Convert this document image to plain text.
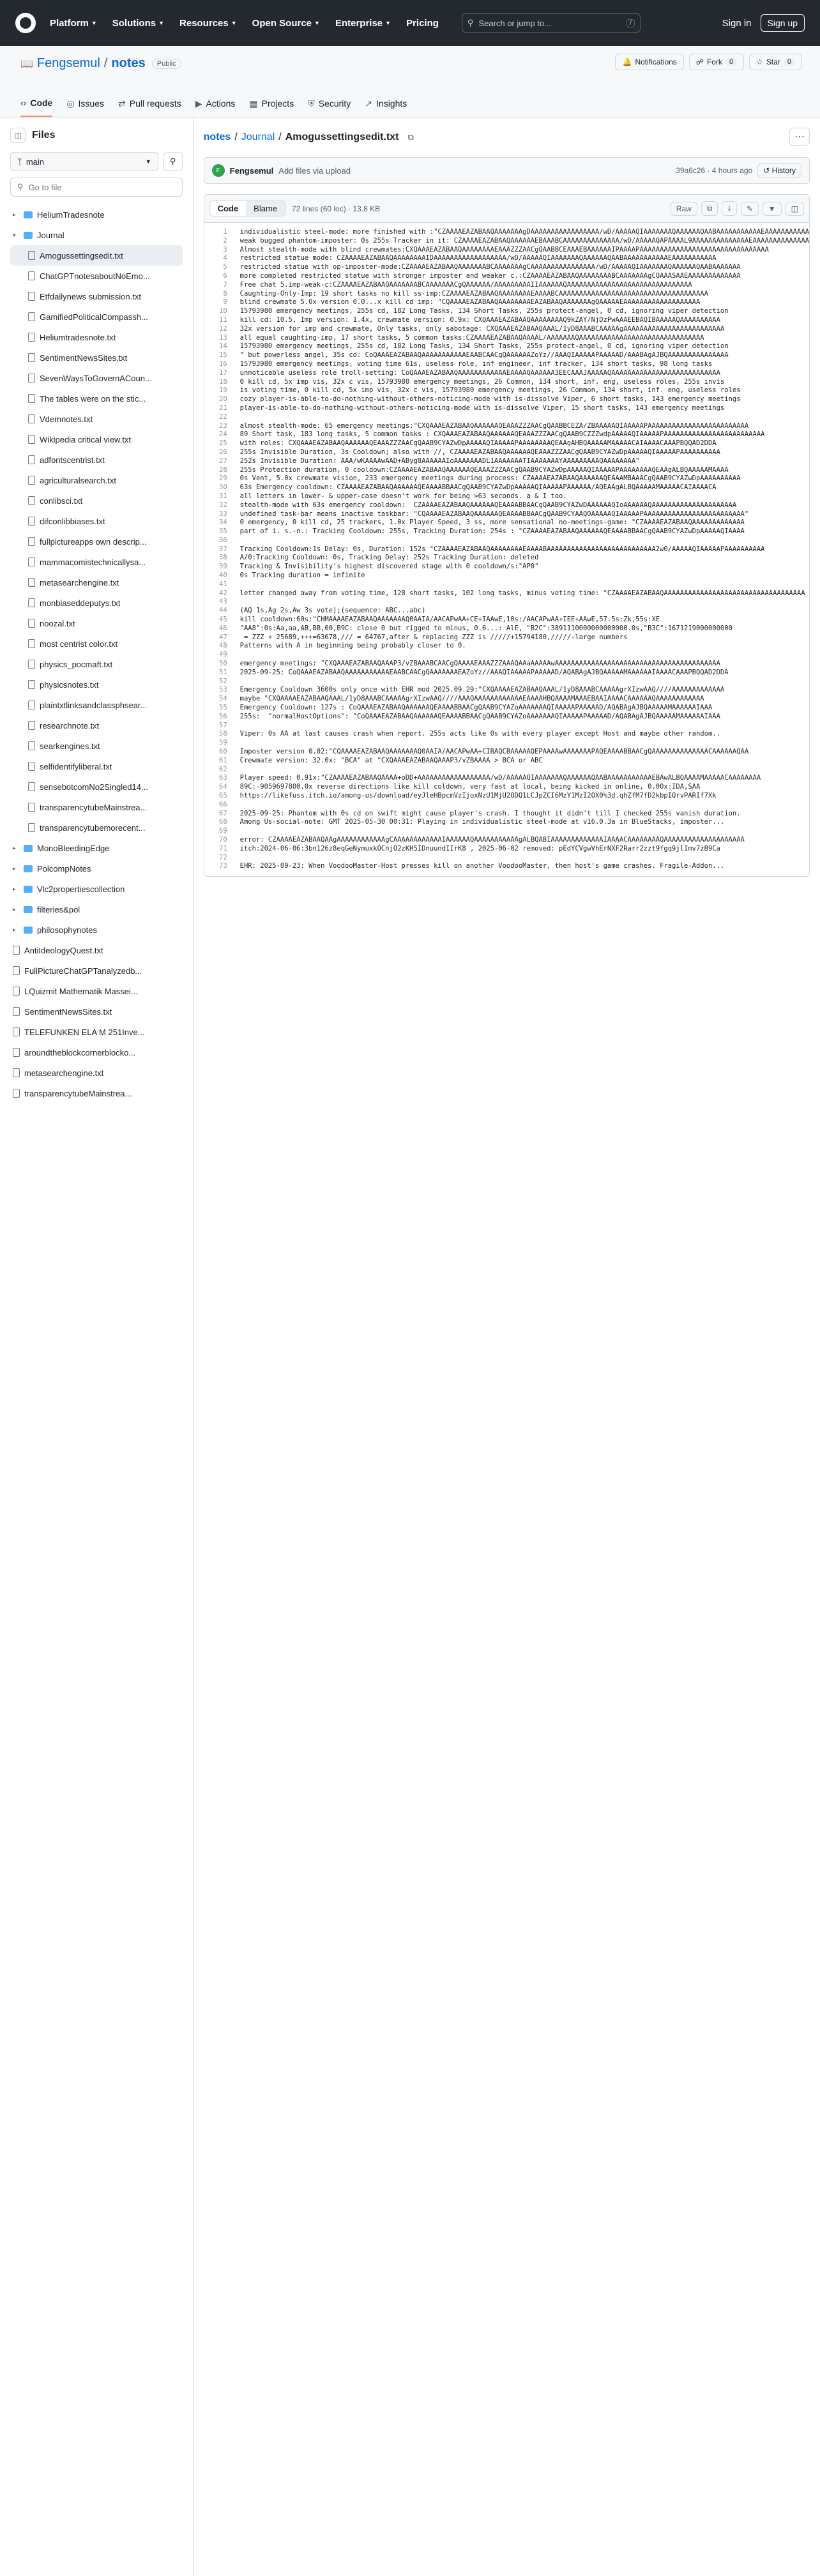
Platform ▼ Solutions ▼ Resources ▼ Open Source ▼ Enterprise ▼ Pricing	⚲ Search or jump to...	/	Sign in	Sign up
📖 Fengsemul / notes	Public	🔔 Notifications	☍ Fork	0	☆ Star	0
‹› Code ◎ Issues ⇄ Pull requests ▶ Actions ▦ Projects ⛨ Security ↗ Insights
◫	Files
ᛉ main	▼ ⚲
⚲ Go to file
▸	HeliumTradesnote
▾	Journal
Amogussettingsedit.txt
ChatGPTnotesaboutNoEmo...
Etfdailynews submission.txt
GamifiedPoliticalCompassh...
Heliumtradesnote.txt
SentimentNewsSites.txt
SevenWaysToGovernACoun...
The tables were on the stic...
Vdemnotes.txt
Wikipedia critical view.txt
adfontscentrist.txt
agriculturalsearch.txt
conlibsci.txt
difconlibbiases.txt
fullpictureapps own descrip...
mammacomistechnicallysa...
metasearchengine.txt
monbiaseddeputys.txt
noozal.txt
most centrist color.txt
physics_pocmaft.txt
physicsnotes.txt
plaintxtlinksandclassphsear...
researchnote.txt
searkengines.txt
selfidentifyliberal.txt
sensebotcomNo2Singled14...
transparencytubeMainstrea...
transparencytubemorecent...
▸	MonoBleedingEdge
▸	PolcompNotes
▸	Vlc2propertiescollection
▸	filteries&pol
▸	philosophynotes
AntiIdeologyQuest.txt
FullPictureChatGPTanalyzedb...
LQuizmit Mathematik Massei...
SentimentNewsSites.txt
TELEFUNKEN ELA M 251Inve...
aroundtheblockcornerblocko...
metasearchengine.txt
transparencytubeMainstrea...
notes / Journal / Amogussettingsedit.txt ⧉	⋯
F	Fengsemul Add files via upload	39a6c26 · 4 hours ago	↺ History
Code	Blame	72 lines (60 loc) · 13.8 KB	Raw	⧉	⤓	✎	▼	◫
1	individualistic steel-mode: more finished with :"CZAAAAEAZABAAQAAAAAAAgDAAAAAAAAAAAAAAAAA/wD/AAAAAQIAAAAAAAQAAAAAAQAABAAAAAAAAAAAEAAAAAAAAAAA
2	weak bugged phantom-imposter: 0s 255s Tracker in it: CZAAAAEAZABAAQAAAAAAEBAAABCAAAAAAAAAAAAAA/wD/AAAAAQAPAAAAL9AAAAAAAAAAAAAAEAAAAAAAAAAAAAA
3	Almost stealth-mode with blind crewmates:CXQAAAEAZABAAQAAAAAAAAEAAAZZZAACgQAABBCEAAAEBAAAAAAIPAAAAPAAAAAAAAAAAAAAAAAAAAAAAAAAAAAAAA
4	restricted statue mode: CZAAAAEAZABAAQAAAAAAAAIDAAAAAAAAAAAAAAAAAA/wD/AAAAAQIAAAAAAAQAAAAAAQAABAAAAAAAAAAAEAAAAAAAAAAA
5	restricted statue with op-imposter-mode:CZAAAAEAZABAAQAAAAAAABCAAAAAAAgCAAAAAAAAAAAAAAAA/wD/AAAAAQIAAAAAAAQAAAAAAQAABAAAAAAA
6	more completed restricted statue with stronger imposter and weaker c.:CZAAAAEAZABAAQAAAAAAAABCAAAAAAAgCQAAASAAEAAAAAAAAAAAAA
7	Free chat 5.imp-weak-c:CZAAAAEAZABAAQAAAAAAABCAAAAAAACgQAAAAAA/AAAAAAAAAIIAAAAAAQAAAAAAAAAAAAAAAAAAAAAAAAAAAAAAA
8	Caughting-Only-Imp: 19 short tasks no kill ss-imp:CZAAAAEAZABAAQAAAAAAAAEAAAABCAAAAAAAAAAAAAAAAAAAAAAAAAAAAAAAAAAAAA
9	blind crewmate 5.0x version 0.0...x kill cd imp: "CQAAAAEAZABAAQAAAAAAAAEAZABAAQAAAAAAAgQAAAAAEAAAAAAAAAAAAAAAAAAA
10	15793980 emergency meetings, 255s cd, 182 Long Tasks, 134 Short Tasks, 255s protect-angel, 0 cd, ignoring viper detection
11	kill cd: 10.5, Imp version: 1.4x, crewmate version: 0.9x: CXQAAAEAZABAAQAAAAAAAAQ9kZAY/NjDzPwAAAEEBAQIBAAAAAQAAAAAAAAAA
12	32x version for imp and crewmate, Only tasks, only sabotage: CXQAAAEAZABAAQAAAL/1yD8AAABCAAAAAgAAAAAAAAAAAAAAAAAAAAAAAAA
13	all equal caughting-imp, 17 short tasks, 5 common tasks:CZAAAAEAZABAAQAAAAL/AAAAAAAQAAAAAAAAAAAAAAAAAAAAAAAAAAAAAAA
14	15793980 emergency meetings, 255s cd, 182 Long Tasks, 134 Short Tasks, 255s protect-angel, 0 cd, ignoring viper detection
15	" but powerless angel, 35s cd: CoQAAAEAZABAAQAAAAAAAAAAAEAABCAACgQAAAAAAZoYz//AAAQIAAAAAPAAAAAD/AAABAgAJBQAAAAAAAAAAAAAAA
16	15793980 emergency meetings, voting time 61s, useless role, inf engineer, inf tracker, 134 short tasks, 98 long tasks
17	unnoticable useless role troll-setting: CoQAAAEAZABAAQAAAAAAAAAAAAEAAAAQAAAAAA3EECAAAJAAAAAQAAAAAAAAAAAAAAAAAAAAAAAAAAA
18	0 kill cd, 5x imp vis, 32x c vis, 15793980 emergency meetings, 26 Common, 134 short, inf. eng, useless roles, 255s invis
19	is voting time, 0 kill cd, 5x imp vis, 32x c vis, 15793980 emergency meetings, 26 Common, 134 short, inf. eng, useless roles
20	cozy player-is-able-to-do-nothing-without-others-noticing-mode with is-dissolve Viper, 6 short tasks, 143 emergency meetings
21	player-is-able-to-do-nothing-without-others-noticing-mode with is-dissolve Viper, 15 short tasks, 143 emergency meetings
22
23	almost stealth-mode: 65 emergency meetings:"CXQAAAEAZABAAQAAAAAAQEAAAZZZAACgQAABBCEZA/ZBAAAAAQIAAAAAPAAAAAAAAAAAAAAAAAAAAAAAAA
24	89 Short task, 183 long tasks, 5 common tasks : CXQAAAEAZABAAQAAAAAAQEAAAZZZAACgQAAB9CZZZwdpAAAAAQIAAAAAPAAAAAAAAAAAAAAAAAAAAAAAAA
25	with roles: CXQAAAEAZABAAQAAAAAAQEAAAZZZAACgQAAB9CYAZwDpAAAAAQIAAAAAPAAAAAAAAQEAAgAHBQAAAAAMAAAAACAIAAAACAAAPBQQAD2DDA
26	255s Invisible Duration, 3s Cooldown; also with //, CZAAAAEAZABAAQAAAAAAQEAAAZZZAACgQAAB9CYAZwDpAAAAAQIAAAAAPAAAAAAAAAA
27	252s Invisible Duration: AAA/wKAAAAwAAD+AByg8AAAAAAIoAAAAAAADL1AAAAAAATIAAAAAAAYAAAAAAAAAQAAAAAAAA"
28	255s Protection duration, 0 cooldown:CZAAAAEAZABAAQAAAAAAQEAAAZZZAACgQAAB9CYAZwDpAAAAAQIAAAAAPAAAAAAAAQEAAgALBQAAAAAMAAAA
29	0s Vent, 5.0x crewmate vision, 233 emergency meetings during process: CZAAAAEAZABAAQAAAAAAQEAAAMBAAACgQAAB9CYAZwDpAAAAAAAAAA
30	63s Emergency cooldown: CZAAAAEAZABAAQAAAAAAQEAAAABBAACgQAAB9CYAZwDpAAAAAQIAAAAAPAAAAAA/AQEAAgALBQAAAAAMAAAAACAIAAAACA
31	all letters in lower- & upper-case doesn't work for being >63 seconds. a & I too.
32	stealth-mode with 63s emergency cooldown:  CZAAAAEAZABAAQAAAAAAQEAAAABBAACgQAAB9CYAZwDAAAAAAQIoAAAAAAQAAAAAAAAAAAAAAAAAAAAA
33	undefined task-bar means inactive taskbar: "CQAAAAEAZABAAQAAAAAAQEAAAABBAACgQAAB9CYAAQ0AAAAAQIAAAAAPAAAAAAAAAAAAAAAAAAAAAAAAA"
34	0 emergency, 0 kill cd, 25 trackers, 1.0x Player Speed, 3 ss, more sensational no-meetings-game: "CZAAAAEAZABAAQAAAAAAAAAAAAA
35	part of i. s.-n.: Tracking Cooldown: 255s, Tracking Duration: 254s : "CZAAAAEAZABAAQAAAAAAQEAAAABBAACgQAAB9CYAZwDpAAAAAQIAAAA
36
37	Tracking Cooldown:1s Delay: 0s, Duration: 152s "CZAAAAEAZABAAQAAAAAAAAEAAAABAAAAAAAAAAAAAAAAAAAAAAAAAAA2w0/AAAAAQIAAAAAPAAAAAAAAAA
38	A/0:Tracking Cooldown: 0s, Tracking Delay: 252s Tracking Duration: deleted
39	Tracking & Invisibility's highest discovered stage with 0 cooldown/s:"AP0"
40	0s Tracking duration = infinite
41
42	letter changed away from voting time, 128 short tasks, 102 long tasks, minus voting time: "CZAAAAEAZABAAQAAAAAAAAAAAAAAAAAAAAAAAAAAAAAAAAAAA
43
44	(AQ 1s,Ag 2s,Aw 3s vote);(sequence: ABC...abc)
45	kill cooldown:60s:"CHMAAAAEAZABAAQAAAAAAAQ0AAIA/AACAPwAA+CE+IAAwE,10s:/AACAPwAA+IEE+AAwE,57.5s:Zk,55s:XE
46	"AA8":0s:Aa,aa,AB,BB,00,B9C: close 0 but rigged to minus, 0.6...: AlE, "B2C":3891110000000000000.0s,"B3C":1671219000000000
47	= ZZZ + 25689,+++=63678,/// = 64767,after & replacing ZZZ is /////+15794180,/////-large numbers
48	Patterns with A in beginning being probably closer to 0.
49
50	emergency meetings: "CXQAAAEAZABAAQAAAP3/vZBAAABCAACgQAAAAEAAAZZZAAAQAAaAAAAAwAAAAAAAAAAAAAAAAAAAAAAAAAAAAAAAAAAAAAAAAA
51	2025-09-25: CoQAAAEAZABAAQAAAAAAAAAAAEAABCAACgQAAAAAAAEAZoYz//AAAQIAAAAAPAAAAAD/AQABAgAJBQAAAAAMAAAAAAIAAAACAAAPBQQAD2DDA
52
53	Emergency Cooldown 3600s only once with EHR mod 2025.09.29:"CXQAAAAEAZABAAQAAAL/1yD8AAABCAAAAAgrXIzwAAQ////AAAAAAAAAAAAA
54	maybe "CXQAAAAEAZABAAQAAAL/1yD8AAABCAAAAAgrXIzwAAQ////AAAQAAAAAAAAAAAAEAAAAHBQAAAAMAAAEBAAIAAAACAAAAAAQAAAAAAAAAAAA
55	Emergency Cooldown: 127s : CoQAAAEAZABAAQAAAAAAQEAAAABBAACgQAAB9CYAZoAAAAAAAQIAAAAAPAAAAAD/AQABAgAJBQAAAAAMAAAAAAIAAA
56	255s:  "normalHostOptions": "CoQAAAEAZABAAQAAAAAAQEAAAABBAACgQAAB9CYAZoAAAAAAAQIAAAAAPAAAAAD/AQABAgAJBQAAAAAMAAAAAAIAAA
57
58	Viper: 0s AA at last causes crash when report. 255s acts like 0s with every player except Host and maybe other random..
59
60	Imposter version 0.02:"CQAAAAEAZABAAQAAAAAAAQ0AAIA/AACAPwAA+CIBAQCBAAAAAQEPAAAAwAAAAAAAPAQEAAAABBAACgQAAAAAAAAAAAAAACAAAAAAQAA
61	Crewmate version: 32.0x: "BCA" at "CXQAAAEAZABAAQAAAP3/vZBAAAA > BCA or ABC
62
63	Player speed: 0.91x:"CZAAAAEAZABAAQAAAA+oDD+AAAAAAAAAAAAAAAAAA/wD/AAAAAQIAAAAAAAQAAAAAAQAABAAAAAAAAAAAEBAwALBQAAAAMAAAAACAAAAAAAA
64	89C:-9059697800.0x reverse directions like kill coldown, very fast at local, being kicked in online, 0.00x:IDA,SAA
65	https://likefuss.itch.io/among-us/download/eyJleHBpcmVzIjoxNzU1MjU2ODQ1LCJpZCI6MzY1MzI2OX0%3d.qhZfM7fD2kbpIQrvPARIf7Xk
66
67	2025-09-25: Phantom with 0s cd on swift might cause player's crash. I thought it didn't till I checked 255s vanish duration.
68	Among Us-social-note: GMT 2025-05-30 00:31: Playing in individualistic steel-mode at v16.0.3a in BlueStacks, imposter...
69
70	error: CZAAAAEAZABAAQAAgAAAAAAAAAAAAgCAAAAAAAAAAAAIAAAAAAQAAAAAAAAAAAgALBQABIAAAAAAAAAAAAAIAAAACAAAAAAAAQAAAAAAAAAAAAAAAAAAAA
71	itch:2024-06-06:3bn126z8eqGeNymuxkOCnjO2zKH5IDnuundIIrK8 , 2025-06-02 removed: pEdYCVgwVhErNXF2Rarr2zzt9fgq9jlImv7zB9Ca
72
73	EHR: 2025-09-23: When VoodooMaster-Host presses kill on another VoodooMaster, then host's game crashes. Fragile-Addon...
